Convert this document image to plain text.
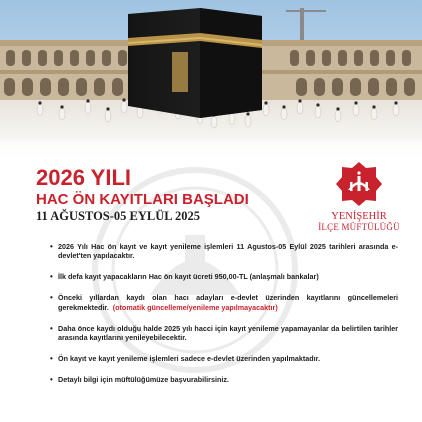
2026 YILI
HAC ÖN KAYITLARI BAŞLADI
11 AĞUSTOS-05 EYLÜL 2025	YENİŞEHİR
İLÇE MÜFTÜLÜĞÜ
• 2026 Yılı Hac ön kayıt ve kayıt yenileme işlemleri 11 Agustos-05 Eylül 2025 tarihleri arasında e-devlet'ten yapılacaktır.
• İlk defa kayıt yapacakların Hac ön kayıt ücreti 950,00-TL (anlaşmalı bankalar)
• Önceki yıllardan kaydı olan hacı adayları e-devlet üzerinden kayıtlarını güncellemeleri gerekmektedir. (otomatik güncelleme/yenileme yapılmayacaktır)
• Daha önce kaydı olduğu halde 2025 yılı hacci için kayıt yenileme yapamayanlar da belirtilen tarihler arasında kayıtlarını yenileyebilecektir.
• Ön kayıt ve kayıt yenileme işlemleri sadece e-devlet üzerinden yapılmaktadır.
• Detaylı bilgi için müftülüğümüze başvurabilirsiniz.
